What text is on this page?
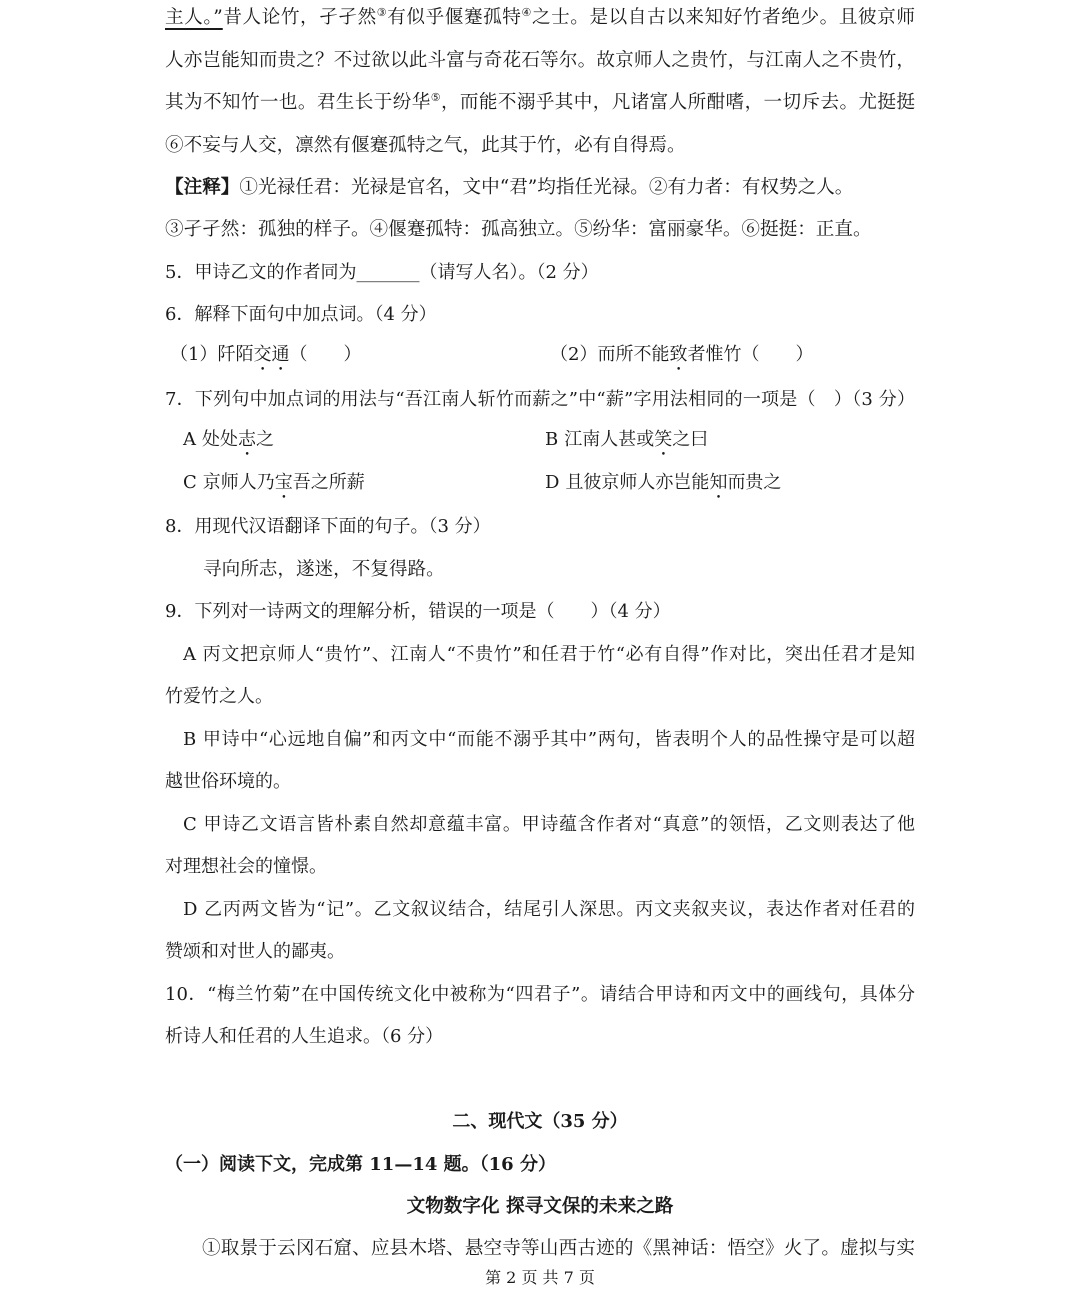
主人。”昔人论竹，孑孑然③有似乎偃蹇孤特④之士。是以自古以来知好竹者绝少。且彼京师
人亦岂能知而贵之？不过欲以此斗富与奇花石等尔。故京师人之贵竹，与江南人之不贵竹，
其为不知竹一也。君生长于纷华⑤，而能不溺乎其中，凡诸富人所酣嗜，一切斥去。尤挺挺
⑥不妄与人交，凛然有偃蹇孤特之气，此其于竹，必有自得焉。
【注释】①光禄任君：光禄是官名，文中“君”均指任光禄。②有力者：有权势之人。
③孑孑然：孤独的样子。④偃蹇孤特：孤高独立。⑤纷华：富丽豪华。⑥挺挺：正直。
5．甲诗乙文的作者同为_______（请写人名）。（2 分）
6．解释下面句中加点词。（4 分）
（1）阡陌交通（　　）	（2）而所不能致者惟竹（　　）
7．下列句中加点词的用法与“吾江南人斩竹而薪之”中“薪”字用法相同的一项是（　）（3 分）
A 处处志之	B 江南人甚或笑之曰
C 京师人乃宝吾之所薪	D 且彼京师人亦岂能知而贵之
8．用现代汉语翻译下面的句子。（3 分）
寻向所志，遂迷，不复得路。
9．下列对一诗两文的理解分析，错误的一项是（　　）（4 分）
A 丙文把京师人“贵竹”、江南人“不贵竹”和任君于竹“必有自得”作对比，突出任君才是知
竹爱竹之人。
B 甲诗中“心远地自偏”和丙文中“而能不溺乎其中”两句，皆表明个人的品性操守是可以超
越世俗环境的。
C 甲诗乙文语言皆朴素自然却意蕴丰富。甲诗蕴含作者对“真意”的领悟，乙文则表达了他
对理想社会的憧憬。
D 乙丙两文皆为“记”。乙文叙议结合，结尾引人深思。丙文夹叙夹议，表达作者对任君的
赞颂和对世人的鄙夷。
10．“梅兰竹菊”在中国传统文化中被称为“四君子”。请结合甲诗和丙文中的画线句，具体分
析诗人和任君的人生追求。（6 分）
二、现代文（35 分）
（一）阅读下文，完成第 11—14 题。（16 分）
文物数字化 探寻文保的未来之路
①取景于云冈石窟、应县木塔、悬空寺等山西古迹的《黑神话：悟空》火了。虚拟与实
第 2 页 共 7 页
